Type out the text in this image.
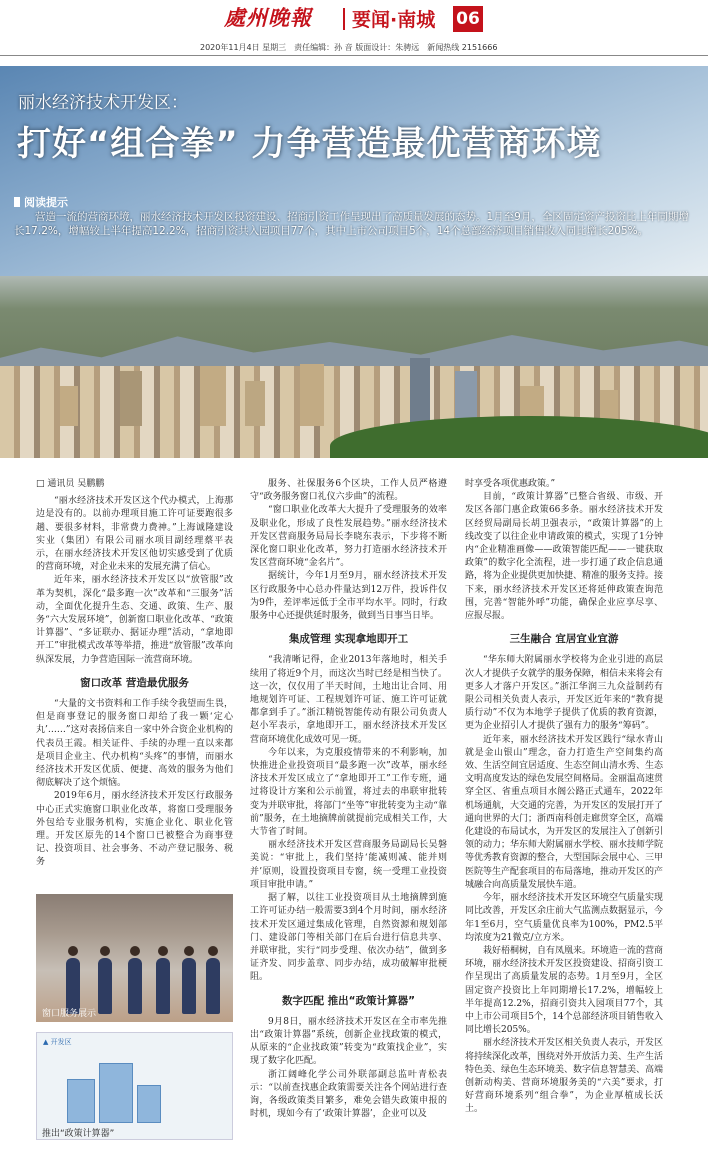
處州晚報 要闻·南城 06
2020年11月4日 星期三　责任编辑：孙 音 版面设计：朱骋远　新闻热线 2151666
丽水经济技术开发区：
打好“组合拳” 力争营造最优营商环境
阅读提示
　　营造一流的营商环境，丽水经济技术开发区投资建设、招商引资工作呈现出了高质量发展的态势。1月至9月，全区固定资产投资比上年同期增长17.2%，增幅较上半年提高12.2%，招商引资共入园项目77个，其中上市公司项目5个，14个总部经济项目销售收入同比增长205%。

□ 通讯员 吴鹏鹏

“丽水经济技术开发区这个代办模式，上海那边是没有的。以前办理项目施工许可证要跑很多趟、要很多材料，非常费力费神。”上海诚隆建设实业（集团）有限公司丽水项目副经理蔡平表示，在丽水经济技术开发区他切实感受到了优质的营商环境，对企业未来的发展充满了信心。

近年来，丽水经济技术开发区以“放管服”改革为契机，深化“最多跑一次”改革和“三服务”活动，全面优化提升生态、交通、政策、生产、服务“六大发展环境”，创新窗口职业化改革、“政策计算器”、“多证联办、据证办理”活动，“拿地即开工”审批模式改革等举措，推进“放管服”改革向纵深发展，力争营造国际一流营商环境。

窗口改革 营造最优服务

“大量的文书资料和工作手续令我望而生畏，但是商事登记的服务窗口却给了我一颗‘定心丸’……”这对表扬信来自一家中外合资企业机构的代表员王霞。相关证件、手续的办理一直以来都是项目企业主、代办机构“头疼”的事情，而丽水经济技术开发区优质、便捷、高效的服务为他们彻底解决了这个烦恼。

2019年6月，丽水经济技术开发区行政服务中心正式实施窗口职业化改革，将窗口受理服务外包给专业服务机构，实施企业化、职业化管理。开发区原先的14个窗口已被整合为商事登记、投资项目、社会事务、不动产登记服务、税务

窗口服务展示
▲ 开发区
推出“政策计算器”

服务、社保服务6个区块，工作人员严格遵守“政务服务窗口礼仪六步曲”的流程。

“窗口职业化改革大大提升了受理服务的效率及职业化，形成了良性发展趋势。”丽水经济技术开发区营商服务局局长李晓东表示，下步将不断深化窗口职业化改革，努力打造丽水经济技术开发区营商环境“金名片”。

据统计，今年1月至9月，丽水经济技术开发区行政服务中心总办件量达到12万件，投诉件仅为9件，差评率远低于全市平均水平。同时，行政服务中心还提供延时服务，做到当日事当日毕。

集成管理 实现拿地即开工

“我清晰记得，企业2013年落地时，相关手续用了将近9个月，而这次当时已经是相当快了。这一次，仅仅用了半天时间，土地出让合同、用地规划许可证、工程规划许可证、施工许可证就都拿到手了。”浙江精锐智能传动有限公司负责人赵小军表示，拿地即开工，丽水经济技术开发区营商环境优化成效可见一斑。

今年以来，为克服疫情带来的不利影响，加快推进企业投资项目“最多跑一次”改革，丽水经济技术开发区成立了“拿地即开工”工作专班，通过将设计方案和公示前置，将过去的串联审批转变为并联审批，将部门“坐等”审批转变为主动“靠前”服务，在土地摘牌前就提前完成相关工作，大大节省了时间。

丽水经济技术开发区营商服务局副局长吴磐美说：“审批上，我们坚持‘能减则减、能并则并’原则，设置投资项目专窗，统一受理工业投资项目审批申请。”

据了解，以往工业投资项目从土地摘牌到施工许可证办结一般需要3到4个月时间，丽水经济技术开发区通过集成化管理，自然资源和规划部门、建设部门等相关部门在后台进行信息共享、并联审批，实行“同步受理、依次办结”，做到多证齐发、同步盖章、同步办结，成功破解审批梗阻。

数字匹配 推出“政策计算器”

9月8日，丽水经济技术开发区在全市率先推出“政策计算器”系统，创新企业找政策的模式，从原来的“企业找政策”转变为“政策找企业”，实现了数字化匹配。

浙江阔峰化学公司外联部副总监叶青松表示：“以前查找惠企政策需要关注各个网站进行查询，各级政策类目繁多，难免会错失政策申报的时机，现如今有了‘政策计算器’，企业可以及

时享受各项优惠政策。”

目前，“政策计算器”已整合省级、市级、开发区各部门惠企政策66多条。丽水经济技术开发区经贸局副局长胡卫强表示，“政策计算器”的上线改变了以往企业申请政策的模式，实现了1分钟内“企业精准画像——政策智能匹配——一键获取政策”的数字化全流程，进一步打通了政企信息通路，将为企业提供更加快捷、精准的服务支持。接下来，丽水经济技术开发区还将延伸政策查询范围，完善“智能外呼”功能，确保企业应享尽享、应报尽报。

三生融合 宜居宜业宜游

“华东师大附属丽水学校将为企业引进的高层次人才提供子女就学的服务保障，相信未来将会有更多人才落户开发区。”浙江华润三九众益制药有限公司相关负责人表示，开发区近年来的“教育提质行动”不仅为本地学子提供了优质的教育资源，更为企业招引人才提供了强有力的服务“筹码”。

近年来，丽水经济技术开发区践行“绿水青山就是金山银山”理念，奋力打造生产空间集约高效、生活空间宜居适度、生态空间山清水秀、生态文明高度发达的绿色发展空间格局。金丽温高速贯穿全区、省重点项目水阁公路正式通车，2022年机场通航，大交通的完善，为开发区的发展打开了通向世界的大门；浙西南科创走廊贯穿全区，高端化建设的布局试水，为开发区的发展注入了创新引领的动力；华东师大附属丽水学校、丽水技师学院等优秀教育资源的整合，大型国际会展中心、三甲医院等生产配套项目的布局落地，推动开发区的产城融合向高质量发展快车道。

今年，丽水经济技术开发区环境空气质量实现同比改善，开发区余庄前大气监测点数据显示，今年1至6月，空气质量优良率为100%，PM2.5平均浓度为21微克/立方米。

栽好梧桐树，自有凤凰来。环境造一流的营商环境，丽水经济技术开发区投资建设、招商引资工作呈现出了高质量发展的态势。1月至9月，全区固定资产投资比上年同期增长17.2%，增幅较上半年提高12.2%，招商引资共入园项目77个，其中上市公司项目5个，14个总部经济项目销售收入同比增长205%。

丽水经济技术开发区相关负责人表示，开发区将持续深化改革，围绕对外开放活力美、生产生活特色美、绿色生态环境美、数字信息智慧美、高端创新动构美、营商环境服务美的“六美”要求，打好营商环境系列“组合拳”，为企业厚植成长沃土。
